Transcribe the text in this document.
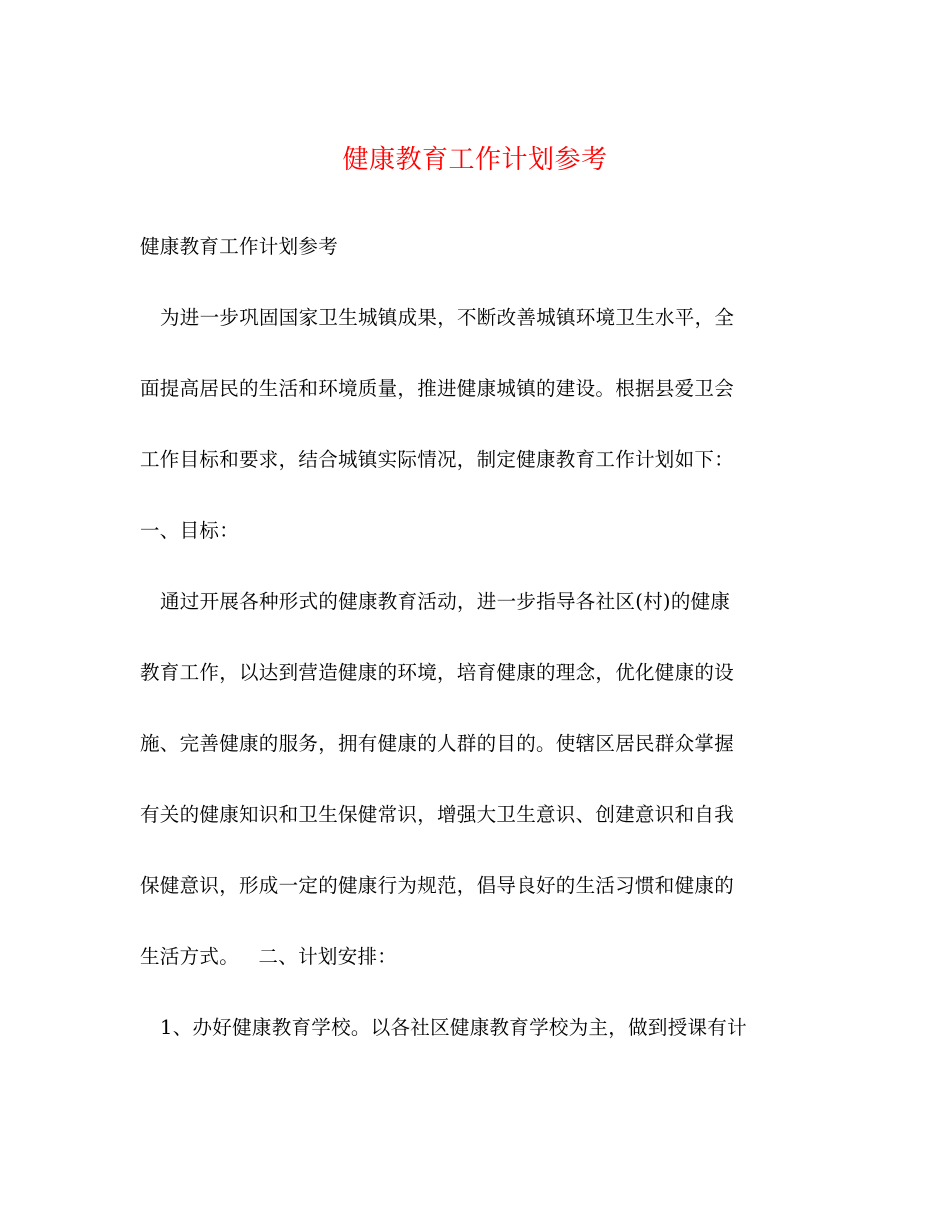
健康教育工作计划参考
健康教育工作计划参考
为进一步巩固国家卫生城镇成果，不断改善城镇环境卫生水平，全
面提高居民的生活和环境质量，推进健康城镇的建设。根据县爱卫会
工作目标和要求，结合城镇实际情况，制定健康教育工作计划如下：
一、目标：
通过开展各种形式的健康教育活动，进一步指导各社区(村)的健康
教育工作，以达到营造健康的环境，培育健康的理念，优化健康的设
施、完善健康的服务，拥有健康的人群的目的。使辖区居民群众掌握
有关的健康知识和卫生保健常识，增强大卫生意识、创建意识和自我
保健意识，形成一定的健康行为规范，倡导良好的生活习惯和健康的
生活方式。   二、计划安排：
1、办好健康教育学校。以各社区健康教育学校为主，做到授课有计
